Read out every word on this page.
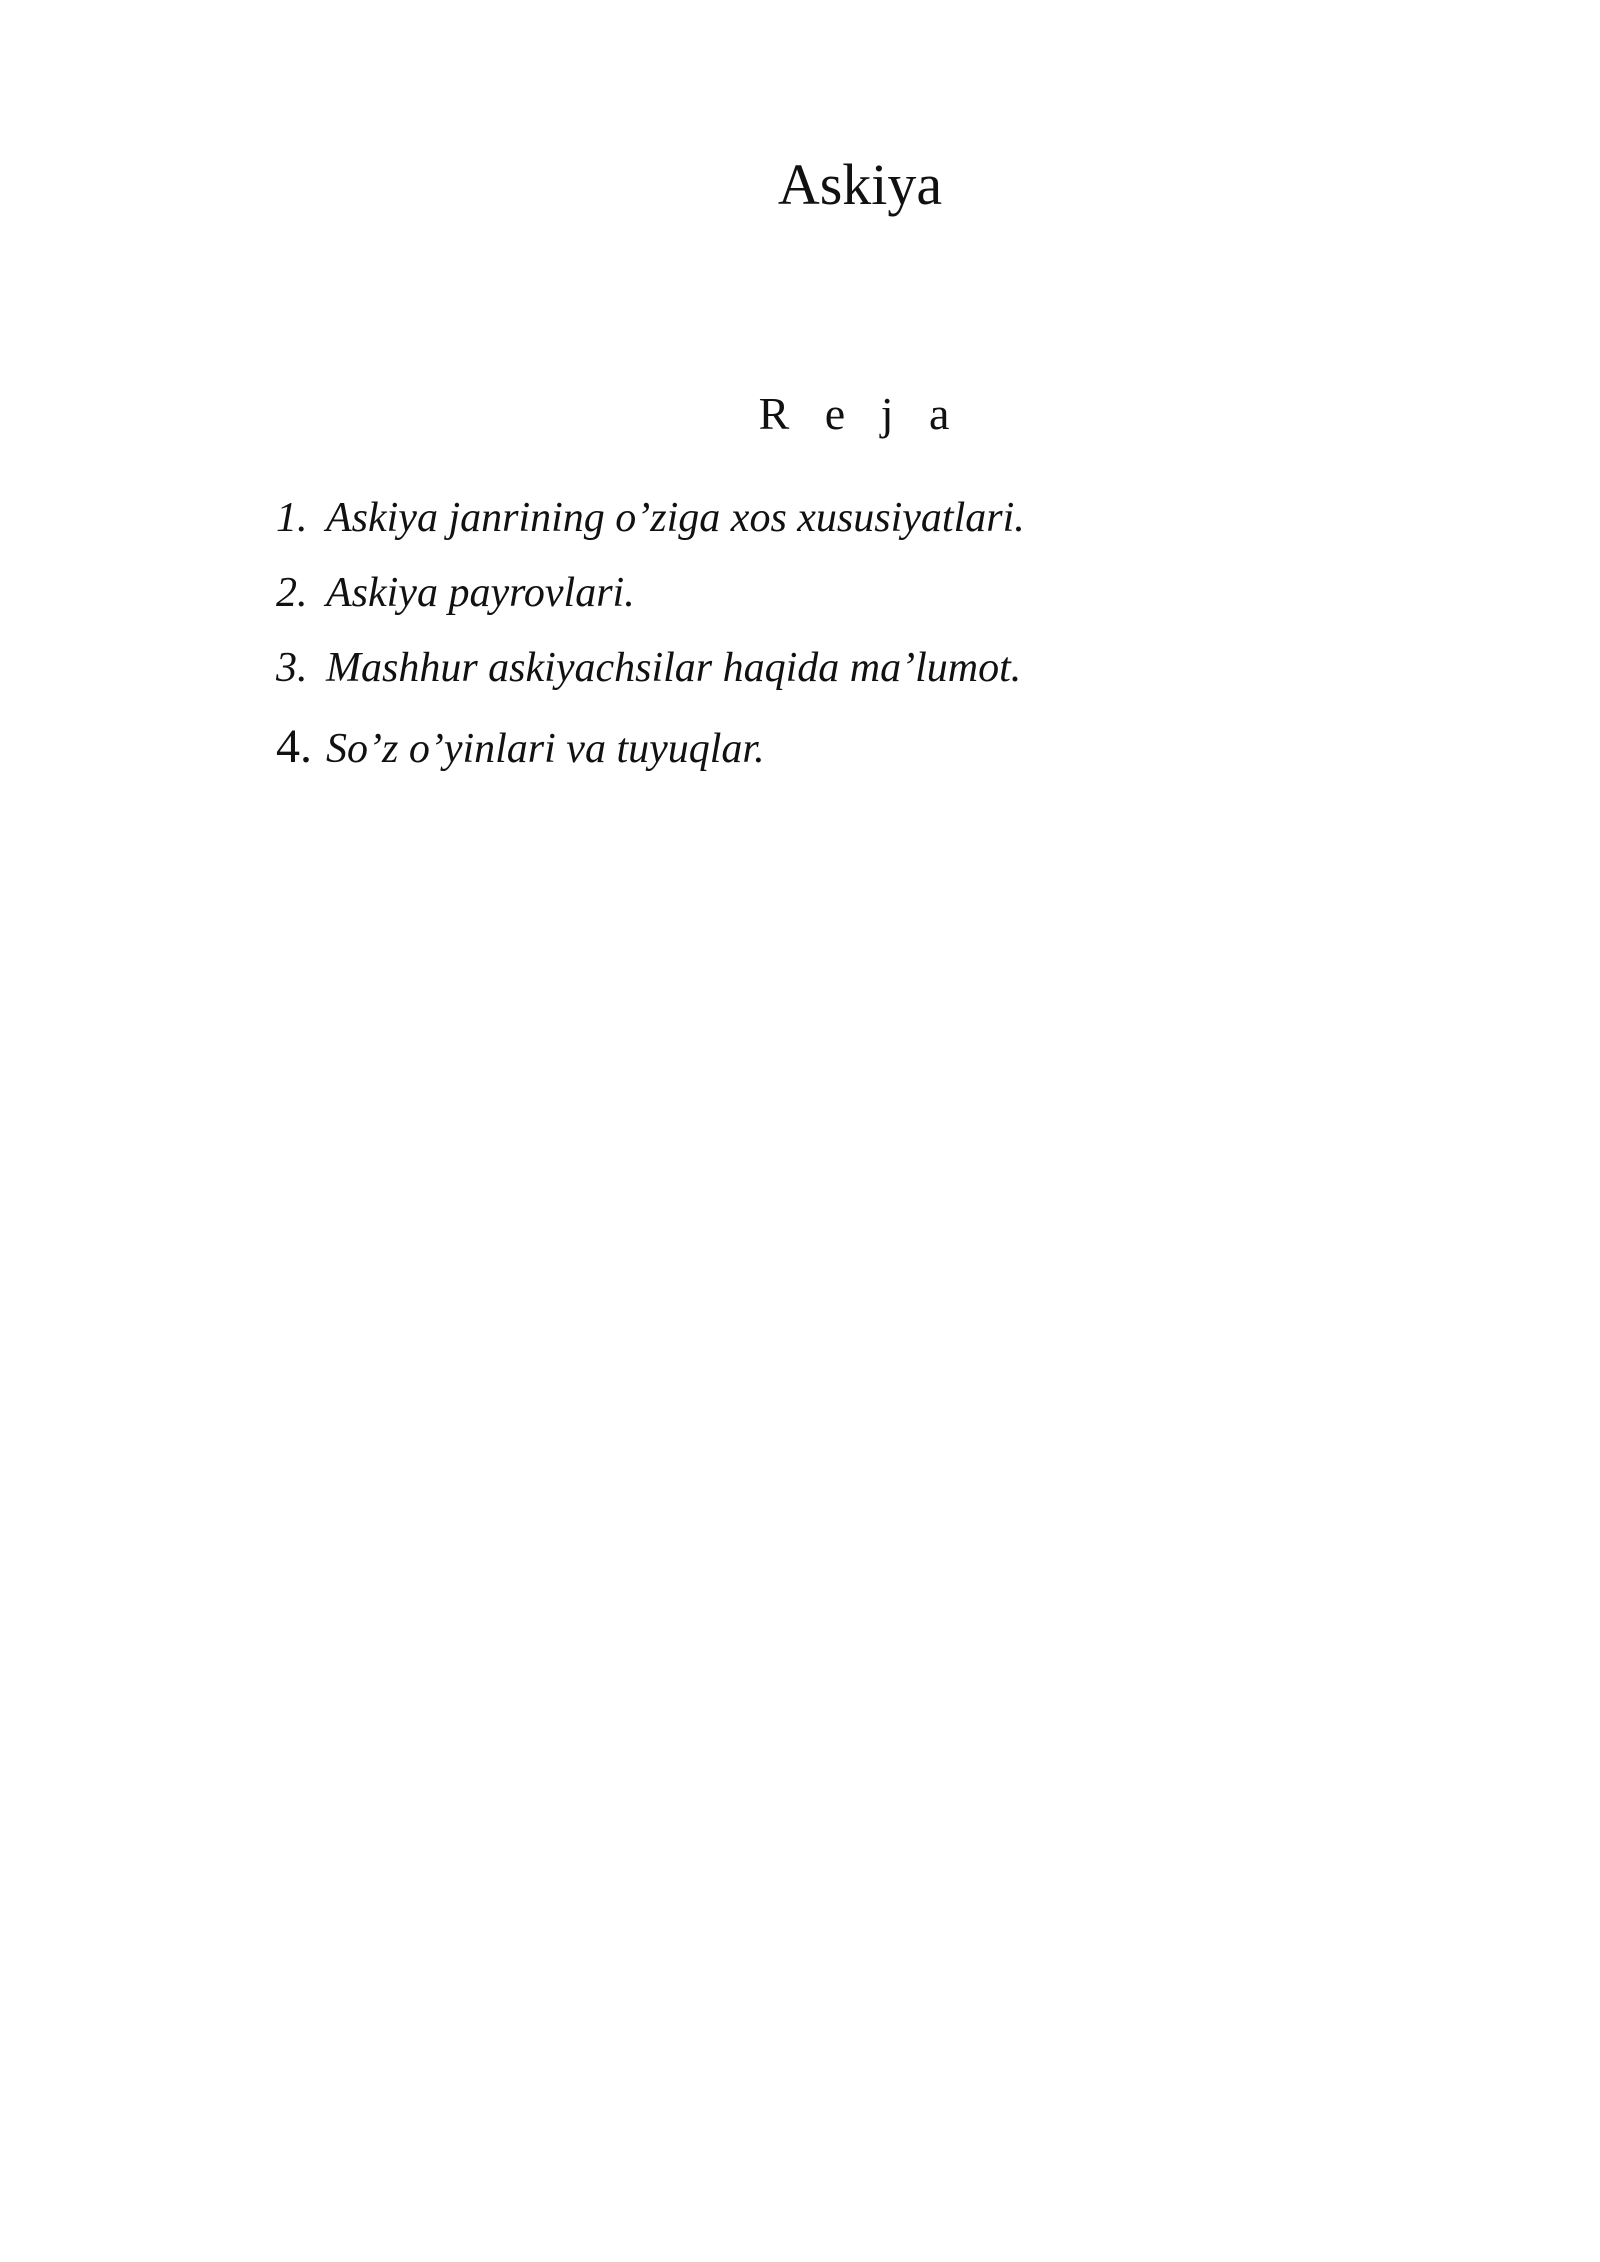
Askiya
R e j a
1. Askiya janrining o’ziga xos xususiyatlari.
2. Askiya payrovlari.
3. Mashhur askiyachsilar haqida ma’lumot.
4. So’z o’yinlari va tuyuqlar.
